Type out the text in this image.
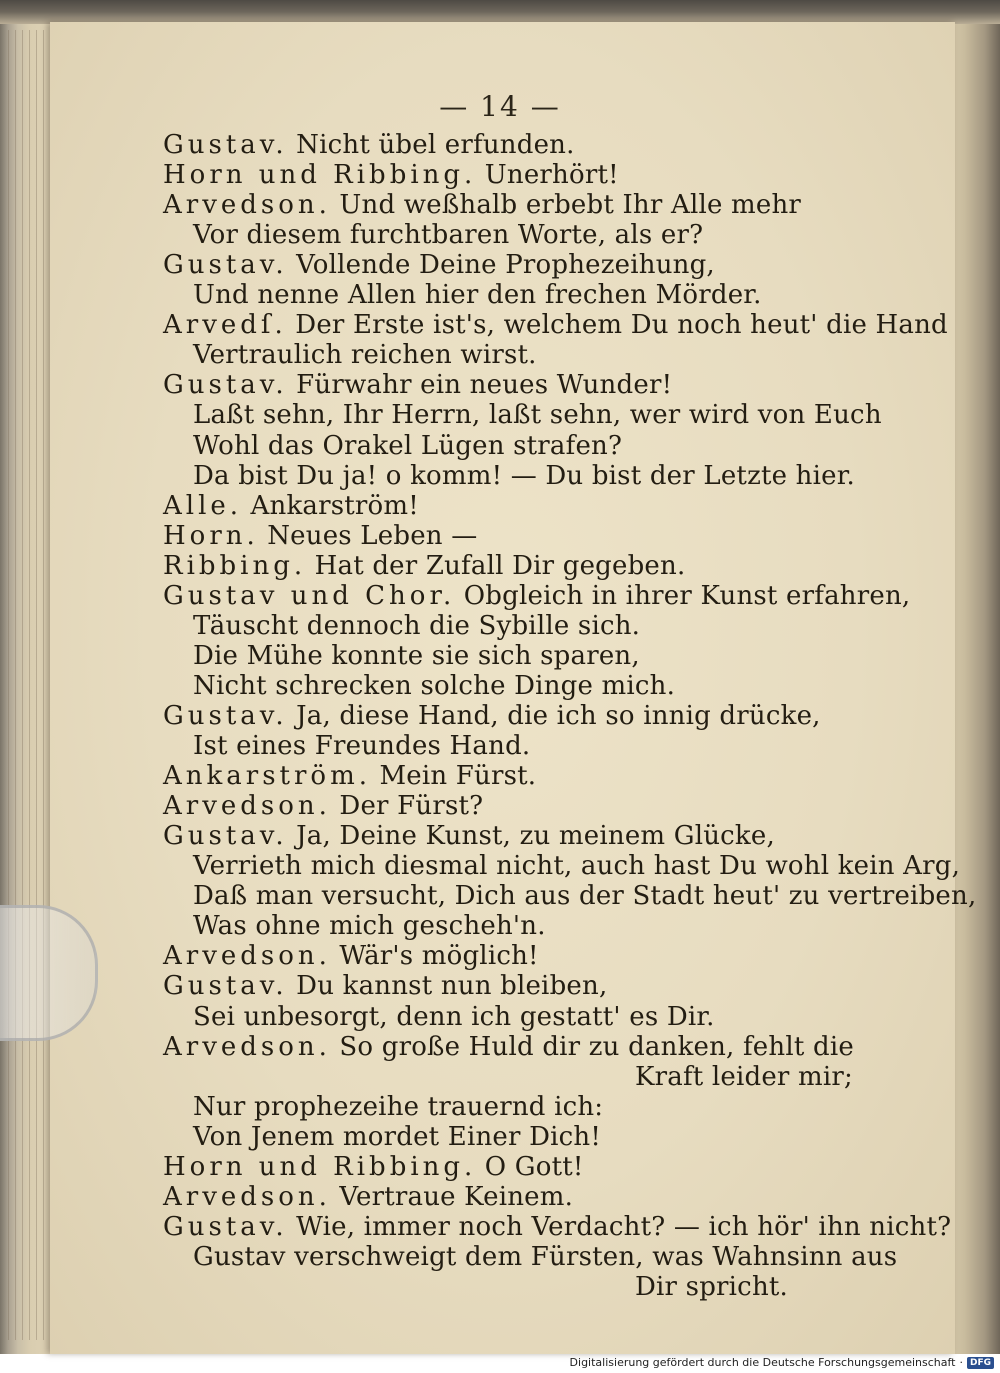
— 14 —
Gustav. Nicht übel erfunden.
Horn und Ribbing. Unerhört!
Arvedson. Und weßhalb erbebt Ihr Alle mehr
Vor diesem furchtbaren Worte, als er?
Gustav. Vollende Deine Prophezeihung,
Und nenne Allen hier den frechen Mörder.
Arvedſ. Der Erste ist's, welchem Du noch heut' die Hand
Vertraulich reichen wirst.
Gustav. Fürwahr ein neues Wunder!
Laßt sehn, Ihr Herrn, laßt sehn, wer wird von Euch
Wohl das Orakel Lügen strafen?
Da bist Du ja! o komm! — Du bist der Letzte hier.
Alle. Ankarström!
Horn. Neues Leben —
Ribbing. Hat der Zufall Dir gegeben.
Gustav und Chor. Obgleich in ihrer Kunst erfahren,
Täuscht dennoch die Sybille sich.
Die Mühe konnte sie sich sparen,
Nicht schrecken solche Dinge mich.
Gustav. Ja, diese Hand, die ich so innig drücke,
Ist eines Freundes Hand.
Ankarström. Mein Fürst.
Arvedson. Der Fürst?
Gustav. Ja, Deine Kunst, zu meinem Glücke,
Verrieth mich diesmal nicht, auch hast Du wohl kein Arg,
Daß man versucht, Dich aus der Stadt heut' zu vertreiben,
Was ohne mich gescheh'n.
Arvedson. Wär's möglich!
Gustav. Du kannst nun bleiben,
Sei unbesorgt, denn ich gestatt' es Dir.
Arvedson. So große Huld dir zu danken, fehlt die
Kraft leider mir;
Nur prophezeihe trauernd ich:
Von Jenem mordet Einer Dich!
Horn und Ribbing. O Gott!
Arvedson. Vertraue Keinem.
Gustav. Wie, immer noch Verdacht? — ich hör' ihn nicht?
Gustav verschweigt dem Fürsten, was Wahnsinn aus
Dir spricht.
Digitalisierung gefördert durch die Deutsche Forschungsgemeinschaft · DFG
